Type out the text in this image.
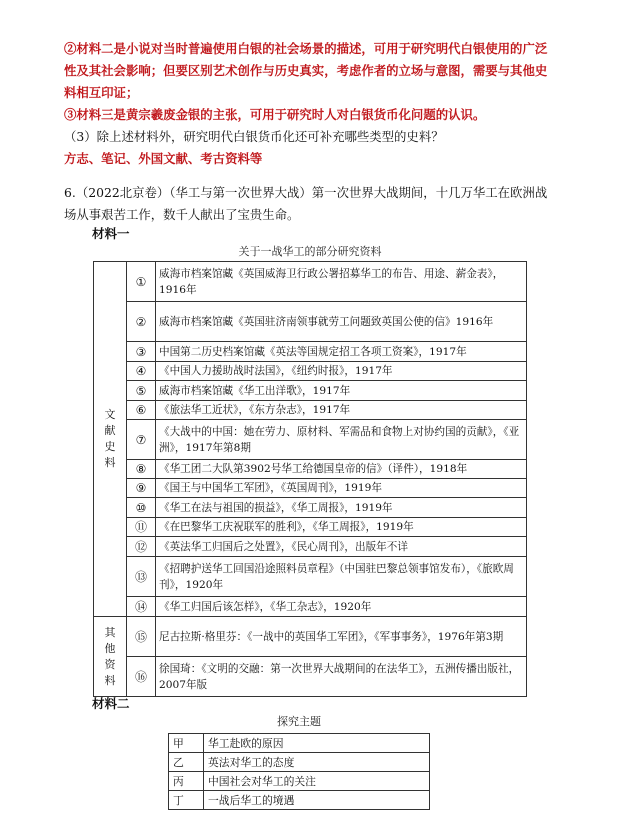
②材料二是小说对当时普遍使用白银的社会场景的描述，可用于研究明代白银使用的广泛性及其社会影响；但要区别艺术创作与历史真实，考虑作者的立场与意图，需要与其他史料相互印证；
③材料三是黄宗羲废金银的主张，可用于研究时人对白银货币化问题的认识。
（3）除上述材料外，研究明代白银货币化还可补充哪些类型的史料？
方志、笔记、外国文献、考古资料等
6.（2022北京卷）（华工与第一次世界大战）第一次世界大战期间，十几万华工在欧洲战场从事艰苦工作，数千人献出了宝贵生命。
材料一
关于一战华工的部分研究资料
文献史料	①	威海市档案馆藏《英国威海卫行政公署招募华工的布告、用途、薪金表》，1916年
	②	威海市档案馆藏《英国驻济南领事就劳工问题致英国公使的信》1916年
	③	中国第二历史档案馆藏《英法等国规定招工各项工资案》，1917年
	④	《中国人力援助战时法国》，《纽约时报》，1917年
	⑤	威海市档案馆藏《华工出洋歌》，1917年
	⑥	《旅法华工近状》，《东方杂志》，1917年
	⑦	《大战中的中国：她在劳力、原材料、军需品和食物上对协约国的贡献》，《亚洲》，1917年第8期
	⑧	《华工团二大队第3902号华工给德国皇帝的信》（译件），1918年
	⑨	《国王与中国华工军团》，《英国周刊》，1919年
	⑩	《华工在法与祖国的损益》，《华工周报》，1919年
	⑪	《在巴黎华工庆祝联军的胜利》，《华工周报》，1919年
	⑫	《英法华工归国后之处置》，《民心周刊》，出版年不详
	⑬	《招聘护送华工回国沿途照料员章程》（中国驻巴黎总领事馆发布），《旅欧周刊》，1920年
	⑭	《华工归国后该怎样》，《华工杂志》，1920年
其他资料	⑮	尼古拉斯·格里芬：《一战中的英国华工军团》，《军事事务》，1976年第3期
	⑯	徐国琦：《文明的交融：第一次世界大战期间的在法华工》，五洲传播出版社，2007年版
材料二
探究主题
甲	华工赴欧的原因
乙	英法对华工的态度
丙	中国社会对华工的关注
丁	一战后华工的境遇
